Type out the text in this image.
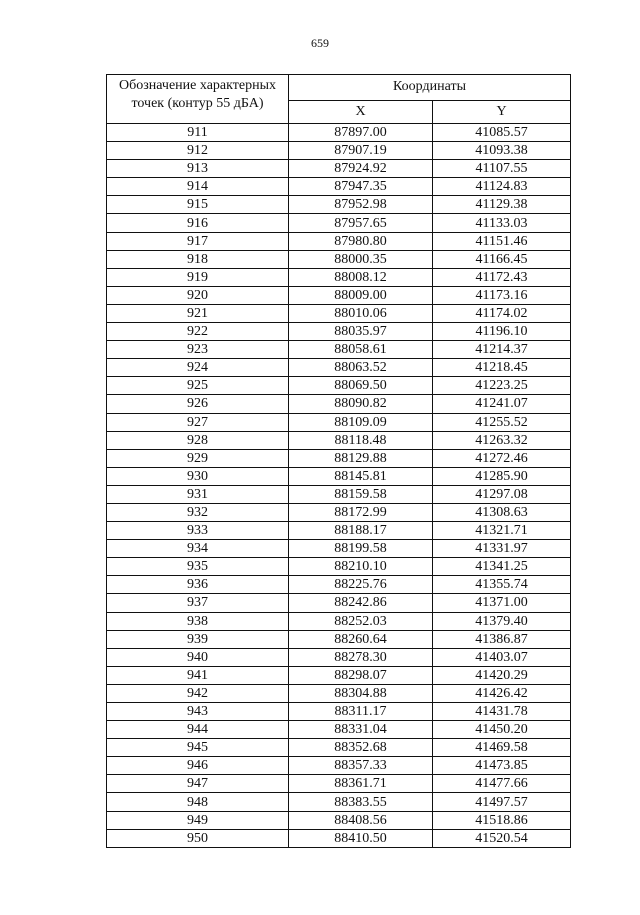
659
Обозначение характерных точек (контур 55 дБА)	Координаты	
	X	Y
911	87897.00	41085.57
912	87907.19	41093.38
913	87924.92	41107.55
914	87947.35	41124.83
915	87952.98	41129.38
916	87957.65	41133.03
917	87980.80	41151.46
918	88000.35	41166.45
919	88008.12	41172.43
920	88009.00	41173.16
921	88010.06	41174.02
922	88035.97	41196.10
923	88058.61	41214.37
924	88063.52	41218.45
925	88069.50	41223.25
926	88090.82	41241.07
927	88109.09	41255.52
928	88118.48	41263.32
929	88129.88	41272.46
930	88145.81	41285.90
931	88159.58	41297.08
932	88172.99	41308.63
933	88188.17	41321.71
934	88199.58	41331.97
935	88210.10	41341.25
936	88225.76	41355.74
937	88242.86	41371.00
938	88252.03	41379.40
939	88260.64	41386.87
940	88278.30	41403.07
941	88298.07	41420.29
942	88304.88	41426.42
943	88311.17	41431.78
944	88331.04	41450.20
945	88352.68	41469.58
946	88357.33	41473.85
947	88361.71	41477.66
948	88383.55	41497.57
949	88408.56	41518.86
950	88410.50	41520.54
